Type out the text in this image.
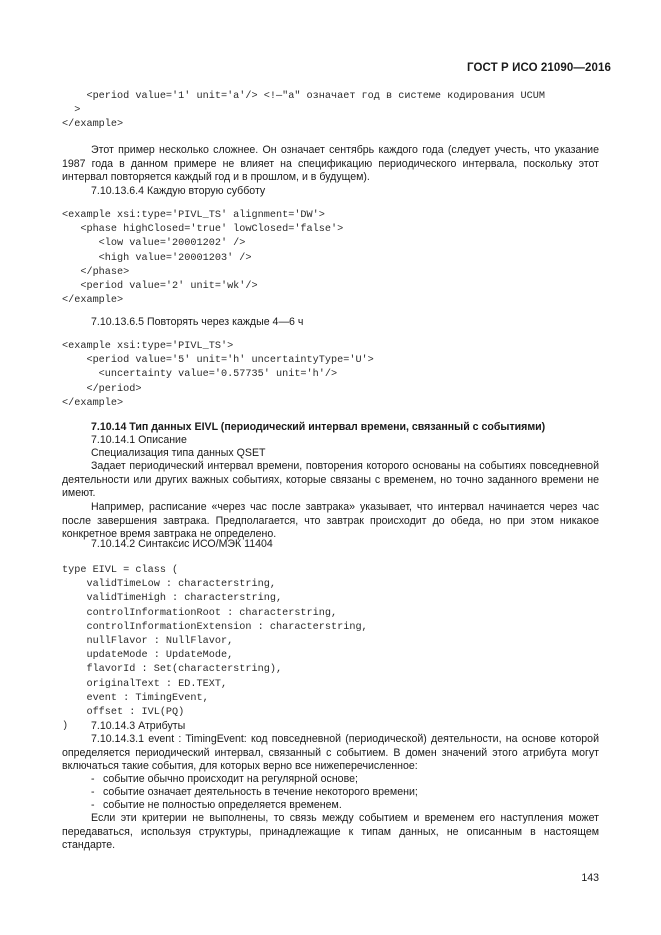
ГОСТ Р ИСО 21090—2016
<period value='1' unit='a'/> <!—"a" означает год в системе кодирования UCUM
>
</example>

Этот пример несколько сложнее. Он означает сентябрь каждого года (следует учесть, что указание 1987 года в данном примере не влияет на спецификацию периодического интервала, поскольку этот интервал повторяется каждый год и в прошлом, и в будущем).

7.10.13.6.4 Каждую вторую субботу

<example xsi:type='PIVL_TS' alignment='DW'>
<phase highClosed='true' lowClosed='false'>
<low value='20001202' />
<high value='20001203' />
</phase>
<period value='2' unit='wk'/>
</example>

7.10.13.6.5 Повторять через каждые 4—6 ч

<example xsi:type='PIVL_TS'>
<period value='5' unit='h' uncertaintyType='U'>
<uncertainty value='0.57735' unit='h'/>
</period>
</example>

7.10.14 Тип данных EIVL (периодический интервал времени, связанный с событиями)

7.10.14.1 Описание

Специализация типа данных QSET

Задает периодический интервал времени, повторения которого основаны на событиях повседневной деятельности или других важных событиях, которые связаны с временем, но точно заданного времени не имеют.

Например, расписание «через час после завтрака» указывает, что интервал начинается через час после завершения завтрака. Предполагается, что завтрак происходит до обеда, но при этом никакое конкретное время завтрака не определено.

7.10.14.2 Синтаксис ИСО/МЭК 11404

type EIVL = class (
validTimeLow : characterstring,
validTimeHigh : characterstring,
controlInformationRoot : characterstring,
controlInformationExtension : characterstring,
nullFlavor : NullFlavor,
updateMode : UpdateMode,
flavorId : Set(characterstring),
originalText : ED.TEXT,
event : TimingEvent,
offset : IVL(PQ)
)	7.10.14.3 Атрибуты

7.10.14.3.1 event : TimingEvent: код повседневной (периодической) деятельности, на основе которой определяется периодический интервал, связанный с событием. В домен значений этого атрибута могут включаться такие события, для которых верно все нижеперечисленное:

- событие обычно происходит на регулярной основе;
- событие означает деятельность в течение некоторого времени;
- событие не полностью определяется временем.

Если эти критерии не выполнены, то связь между событием и временем его наступления может передаваться, используя структуры, принадлежащие к типам данных, не описанным в настоящем стандарте.

143
